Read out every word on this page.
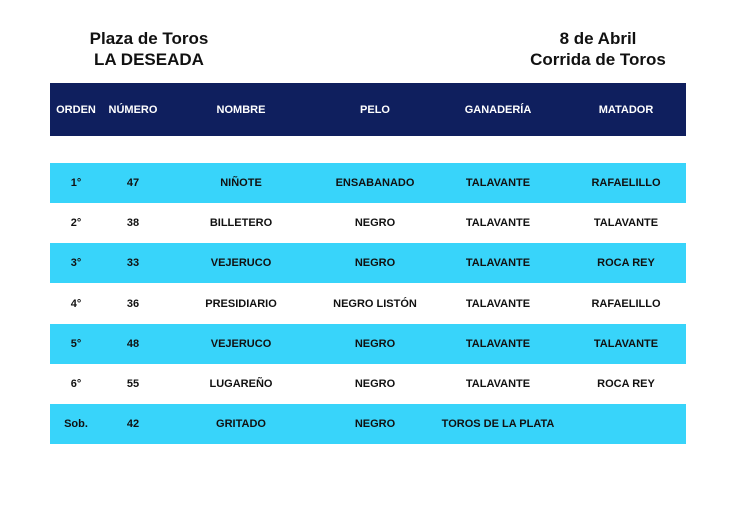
Plaza de Toros
LA DESEADA
8 de Abril
Corrida de Toros
ORDEN	NÚMERO	NOMBRE	PELO	GANADERÍA	MATADOR
1°	47	NIÑOTE	ENSABANADO	TALAVANTE	RAFAELILLO
2°	38	BILLETERO	NEGRO	TALAVANTE	TALAVANTE
3°	33	VEJERUCO	NEGRO	TALAVANTE	ROCA REY
4°	36	PRESIDIARIO	NEGRO LISTÓN	TALAVANTE	RAFAELILLO
5°	48	VEJERUCO	NEGRO	TALAVANTE	TALAVANTE
6°	55	LUGAREÑO	NEGRO	TALAVANTE	ROCA REY
Sob.	42	GRITADO	NEGRO	TOROS DE LA PLATA
